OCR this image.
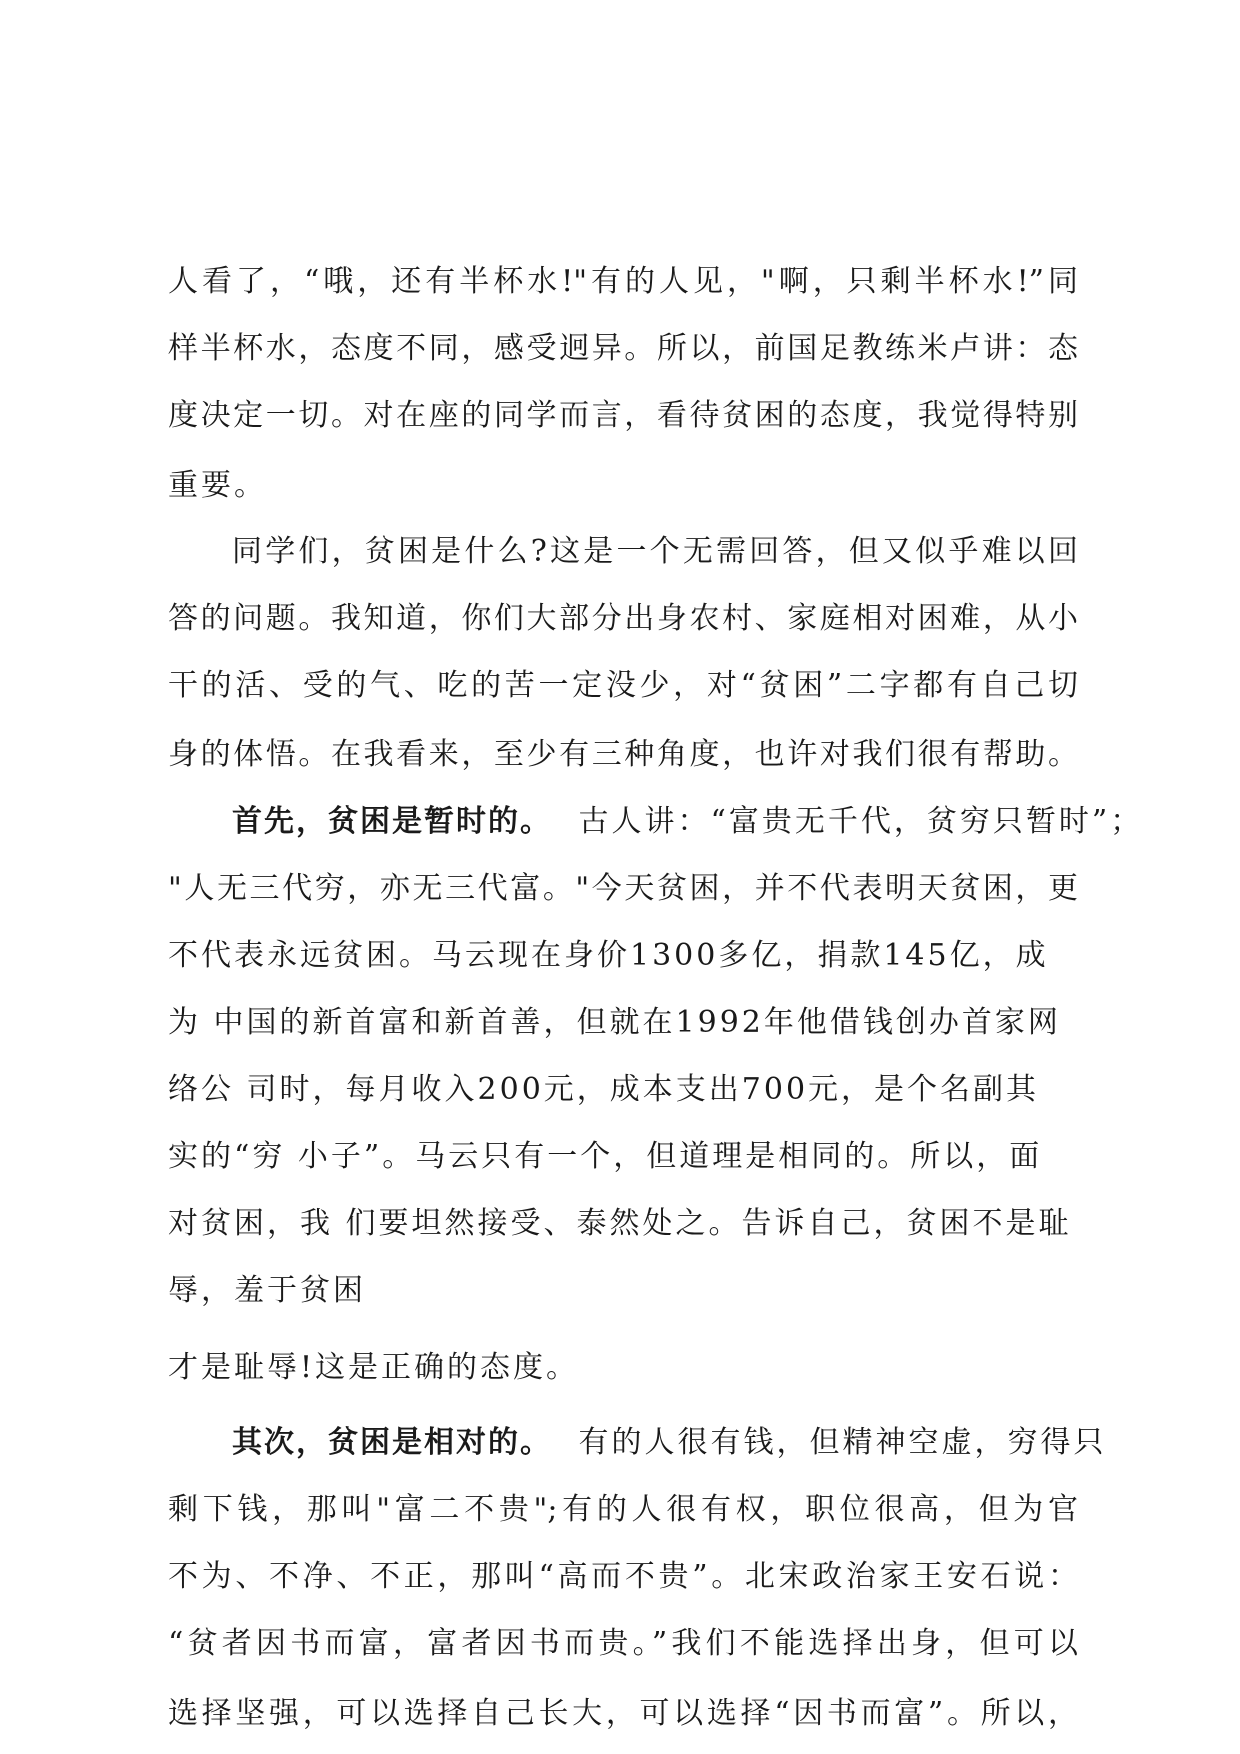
人看了，“哦，还有半杯水!"有的人见，"啊，只剩半杯水!”同
样半杯水，态度不同，感受迥异。所以，前国足教练米卢讲：态
度决定一切。对在座的同学而言，看待贫困的态度，我觉得特别
重要。
同学们，贫困是什么?这是一个无需回答，但又似乎难以回
答的问题。我知道，你们大部分出身农村、家庭相对困难，从小
干的活、受的气、吃的苦一定没少，对“贫困”二字都有自己切
身的体悟。在我看来，至少有三种角度，也许对我们很有帮助。
首先，贫困是暂时的。 古人讲：“富贵无千代，贫穷只暂时”；
"人无三代穷，亦无三代富。"今天贫困，并不代表明天贫困，更
不代表永远贫困。马云现在身价1300多亿，捐款145亿，成
为 中国的新首富和新首善，但就在1992年他借钱创办首家网
络公 司时，每月收入200元，成本支出700元，是个名副其
实的“穷 小子”。马云只有一个，但道理是相同的。所以，面
对贫困，我 们要坦然接受、泰然处之。告诉自己，贫困不是耻
辱，羞于贫困
才是耻辱!这是正确的态度。
其次，贫困是相对的。 有的人很有钱，但精神空虚，穷得只
剩下钱，那叫"富二不贵";有的人很有权，职位很高，但为官
不为、不净、不正，那叫“高而不贵”。北宋政治家王安石说：
“贫者因书而富，富者因书而贵。”我们不能选择出身，但可以
选择坚强，可以选择自己长大，可以选择“因书而富”。所以，
